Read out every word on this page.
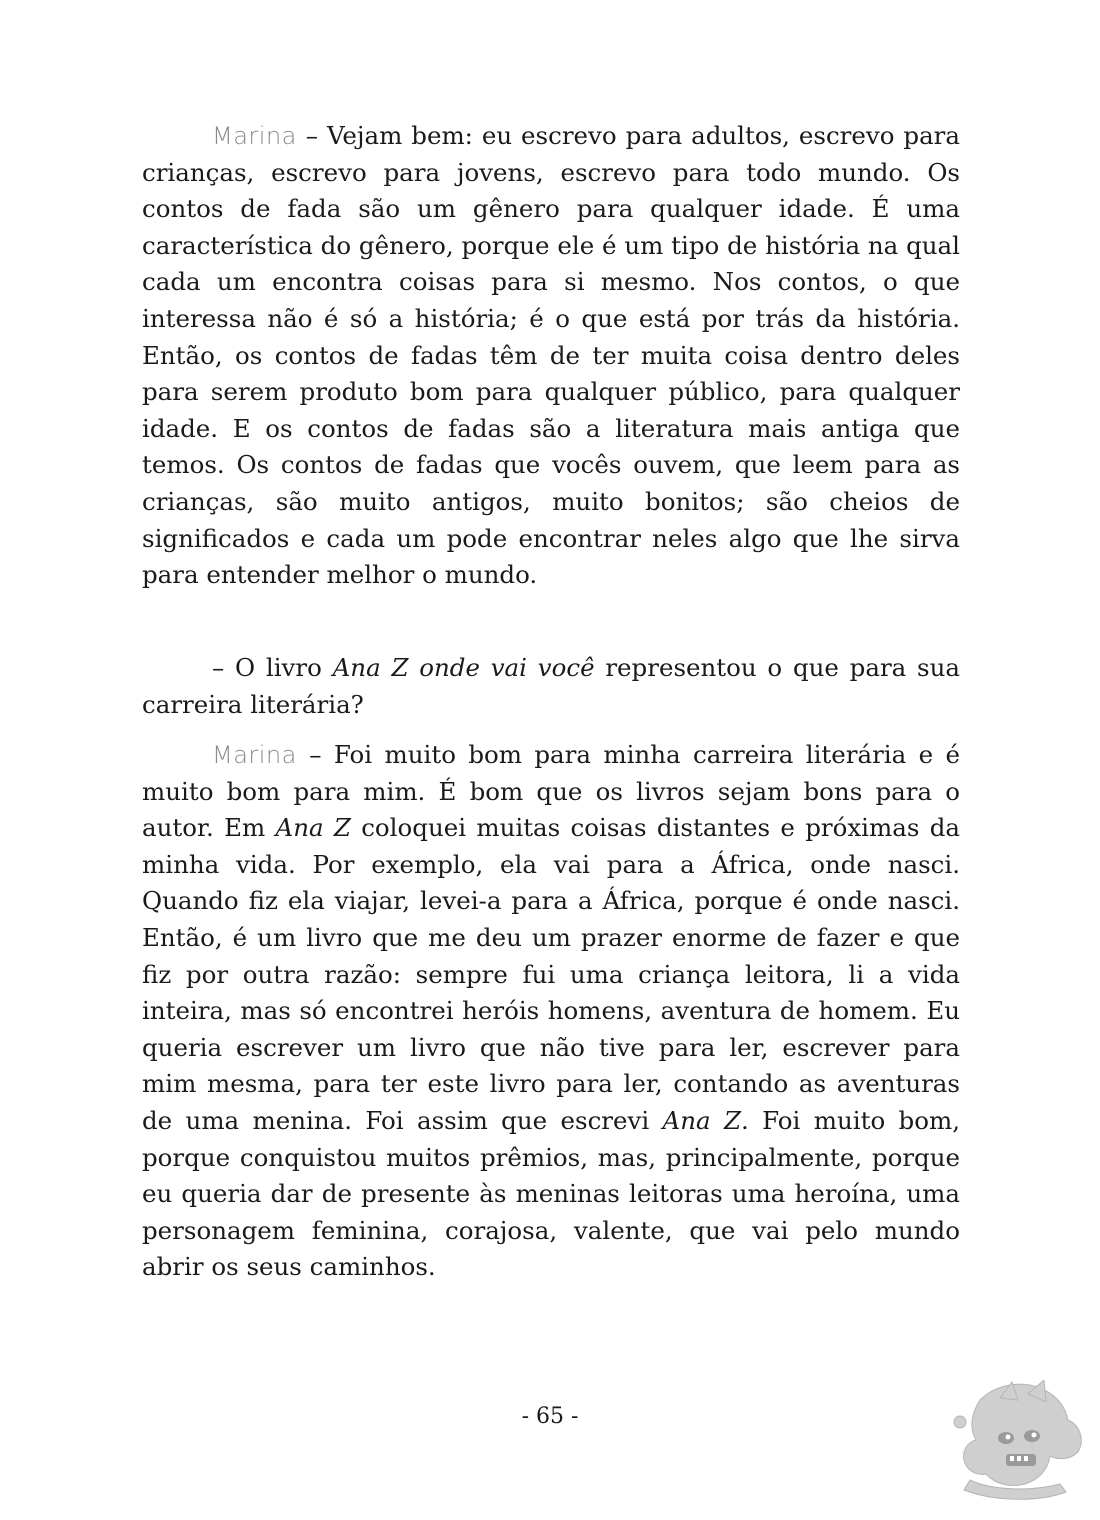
Marina – Vejam bem: eu escrevo para adultos, escrevo para crianças, escrevo para jovens, escrevo para todo mundo. Os contos de fada são um gênero para qualquer idade. É uma característica do gênero, porque ele é um tipo de história na qual cada um encontra coisas para si mesmo. Nos contos, o que interessa não é só a história; é o que está por trás da história. Então, os contos de fadas têm de ter muita coisa dentro deles para serem produto bom para qualquer público, para qualquer idade. E os contos de fadas são a literatura mais antiga que temos. Os contos de fadas que vocês ouvem, que leem para as crianças, são muito antigos, muito bonitos; são cheios de significados e cada um pode encontrar neles algo que lhe sirva para entender melhor o mundo.

– O livro Ana Z onde vai você representou o que para sua carreira literária?

Marina – Foi muito bom para minha carreira literária e é muito bom para mim. É bom que os livros sejam bons para o autor. Em Ana Z coloquei muitas coisas distantes e próximas da minha vida. Por exemplo, ela vai para a África, onde nasci. Quando fiz ela viajar, levei-a para a África, porque é onde nasci. Então, é um livro que me deu um prazer enorme de fazer e que fiz por outra razão: sempre fui uma criança leitora, li a vida inteira, mas só encontrei heróis homens, aventura de homem. Eu queria escrever um livro que não tive para ler, escrever para mim mesma, para ter este livro para ler, contando as aventuras de uma menina. Foi assim que escrevi Ana Z. Foi muito bom, porque conquistou muitos prêmios, mas, principalmente, porque eu queria dar de presente às meninas leitoras uma heroína, uma personagem feminina, corajosa, valente, que vai pelo mundo abrir os seus caminhos.

- 65 -
